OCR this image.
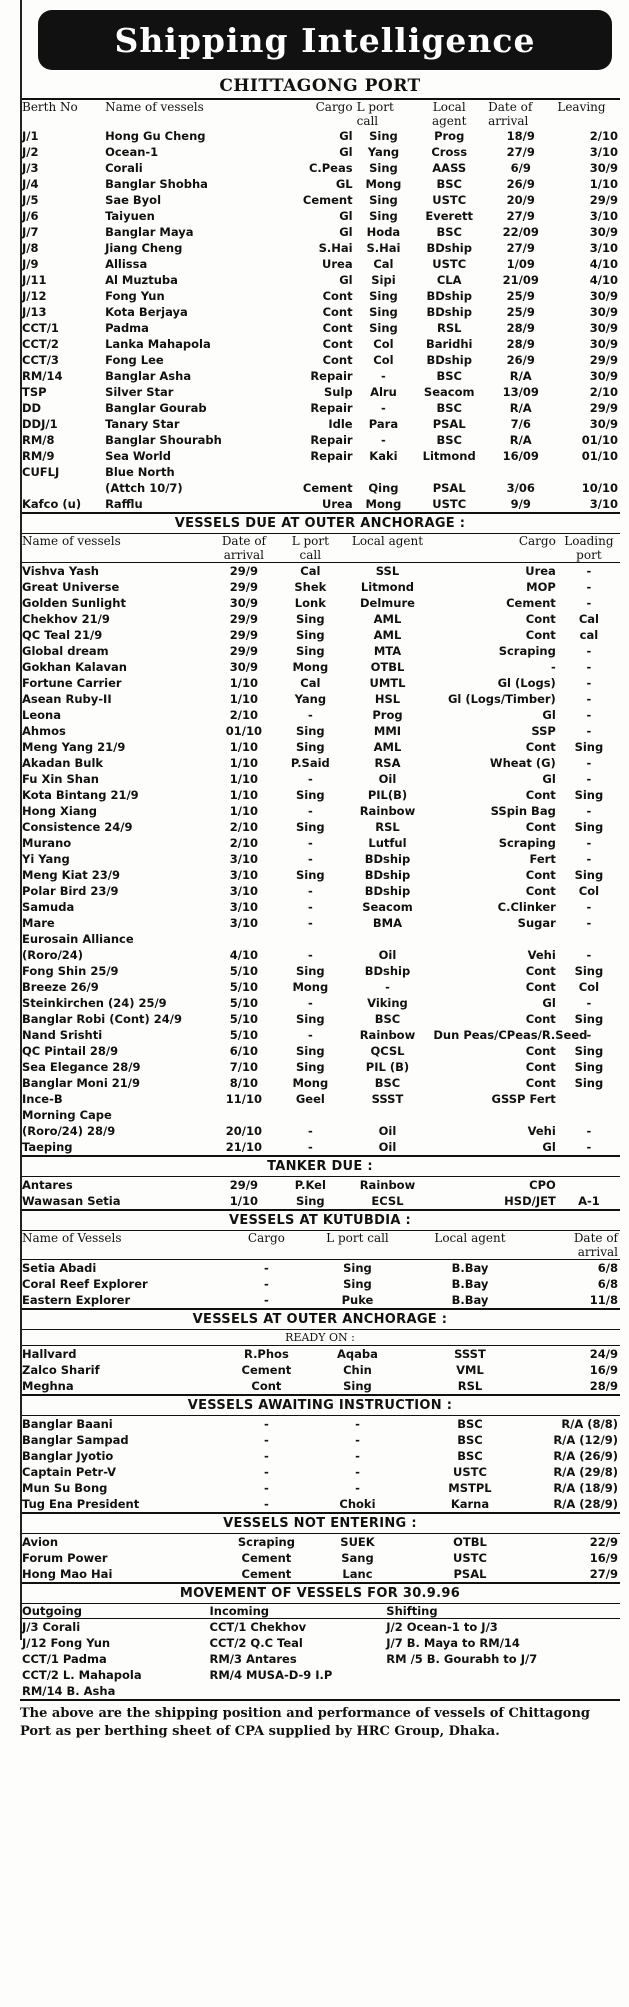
Shipping Intelligence
CHITTAGONG PORT
Berth No	Name of vessels	Cargo	L port call	Local agent	Date of arrival	Leaving
J/1	Hong Gu Cheng	Gl	Sing	Prog	18/9	2/10
J/2	Ocean-1	Gl	Yang	Cross	27/9	3/10
J/3	Corali	C.Peas	Sing	AASS	6/9	30/9
J/4	Banglar Shobha	GL	Mong	BSC	26/9	1/10
J/5	Sae Byol	Cement	Sing	USTC	20/9	29/9
J/6	Taiyuen	Gl	Sing	Everett	27/9	3/10
J/7	Banglar Maya	Gl	Hoda	BSC	22/09	30/9
J/8	Jiang Cheng	S.Hai	S.Hai	BDship	27/9	3/10
J/9	Allissa	Urea	Cal	USTC	1/09	4/10
J/11	Al Muztuba	Gl	Sipi	CLA	21/09	4/10
J/12	Fong Yun	Cont	Sing	BDship	25/9	30/9
J/13	Kota Berjaya	Cont	Sing	BDship	25/9	30/9
CCT/1	Padma	Cont	Sing	RSL	28/9	30/9
CCT/2	Lanka Mahapola	Cont	Col	Baridhi	28/9	30/9
CCT/3	Fong Lee	Cont	Col	BDship	26/9	29/9
RM/14	Banglar Asha	Repair	-	BSC	R/A	30/9
TSP	Silver Star	Sulp	Alru	Seacom	13/09	2/10
DD	Banglar Gourab	Repair	-	BSC	R/A	29/9
DDJ/1	Tanary Star	Idle	Para	PSAL	7/6	30/9
RM/8	Banglar Shourabh	Repair	-	BSC	R/A	01/10
RM/9	Sea World	Repair	Kaki	Litmond	16/09	01/10
CUFLJ	Blue North					
	(Attch 10/7)	Cement	Qing	PSAL	3/06	10/10
Kafco (u)	Rafflu	Urea	Mong	USTC	9/9	3/10
VESSELS DUE AT OUTER ANCHORAGE :
Name of vessels	Date of arrival	L port call	Local agent	Cargo	Loading port
Vishva Yash	29/9	Cal	SSL	Urea	-
Great Universe	29/9	Shek	Litmond	MOP	-
Golden Sunlight	30/9	Lonk	Delmure	Cement	-
Chekhov 21/9	29/9	Sing	AML	Cont	Cal
QC Teal 21/9	29/9	Sing	AML	Cont	cal
Global dream	29/9	Sing	MTA	Scraping	-
Gokhan Kalavan	30/9	Mong	OTBL	-	-
Fortune Carrier	1/10	Cal	UMTL	Gl (Logs)	-
Asean Ruby-II	1/10	Yang	HSL	Gl (Logs/Timber)	-
Leona	2/10	-	Prog	Gl	-
Ahmos	01/10	Sing	MMI	SSP	-
Meng Yang 21/9	1/10	Sing	AML	Cont	Sing
Akadan Bulk	1/10	P.Said	RSA	Wheat (G)	-
Fu Xin Shan	1/10	-	Oil	Gl	-
Kota Bintang 21/9	1/10	Sing	PIL(B)	Cont	Sing
Hong Xiang	1/10	-	Rainbow	SSpin Bag	-
Consistence 24/9	2/10	Sing	RSL	Cont	Sing
Murano	2/10	-	Lutful	Scraping	-
Yi Yang	3/10	-	BDship	Fert	-
Meng Kiat 23/9	3/10	Sing	BDship	Cont	Sing
Polar Bird 23/9	3/10	-	BDship	Cont	Col
Samuda	3/10	-	Seacom	C.Clinker	-
Mare	3/10	-	BMA	Sugar	-
Eurosain Alliance					
(Roro/24)	4/10	-	Oil	Vehi	-
Fong Shin 25/9	5/10	Sing	BDship	Cont	Sing
Breeze 26/9	5/10	Mong	-	Cont	Col
Steinkirchen (24) 25/9	5/10	-	Viking	Gl	-
Banglar Robi (Cont) 24/9	5/10	Sing	BSC	Cont	Sing
Nand Srishti	5/10	-	Rainbow	Dun Peas/CPeas/R.Seed	-
QC Pintail 28/9	6/10	Sing	QCSL	Cont	Sing
Sea Elegance 28/9	7/10	Sing	PIL (B)	Cont	Sing
Banglar Moni 21/9	8/10	Mong	BSC	Cont	Sing
Ince-B	11/10	Geel	SSST	GSSP Fert	
Morning Cape					
(Roro/24) 28/9	20/10	-	Oil	Vehi	-
Taeping	21/10	-	Oil	Gl	-
TANKER DUE :
Antares	29/9	P.Kel	Rainbow	CPO	
Wawasan Setia	1/10	Sing	ECSL	HSD/JET	A-1
VESSELS AT KUTUBDIA :
Name of Vessels	Cargo	L port call	Local agent	Date of arrival
Setia Abadi	-	Sing	B.Bay	6/8
Coral Reef Explorer	-	Sing	B.Bay	6/8
Eastern Explorer	-	Puke	B.Bay	11/8
VESSELS AT OUTER ANCHORAGE :
READY ON :
Hallvard	R.Phos	Aqaba	SSST	24/9
Zalco Sharif	Cement	Chin	VML	16/9
Meghna	Cont	Sing	RSL	28/9
VESSELS AWAITING INSTRUCTION :
Banglar Baani	-	-	BSC	R/A (8/8)
Banglar Sampad	-	-	BSC	R/A (12/9)
Banglar Jyotio	-	-	BSC	R/A (26/9)
Captain Petr-V	-	-	USTC	R/A (29/8)
Mun Su Bong	-	-	MSTPL	R/A (18/9)
Tug Ena President	-	Choki	Karna	R/A (28/9)
VESSELS NOT ENTERING :
Avion	Scraping	SUEK	OTBL	22/9
Forum Power	Cement	Sang	USTC	16/9
Hong Mao Hai	Cement	Lanc	PSAL	27/9
MOVEMENT OF VESSELS FOR 30.9.96
Outgoing	Incoming	Shifting
J/3 Corali	CCT/1 Chekhov	J/2 Ocean-1 to J/3
J/12 Fong Yun	CCT/2 Q.C Teal	J/7 B. Maya to RM/14
CCT/1 Padma	RM/3 Antares	RM /5 B. Gourabh to J/7
CCT/2 L. Mahapola	RM/4 MUSA-D-9 I.P	
RM/14 B. Asha		
The above are the shipping position and performance of vessels of Chittagong Port as per berthing sheet of CPA supplied by HRC Group, Dhaka.
